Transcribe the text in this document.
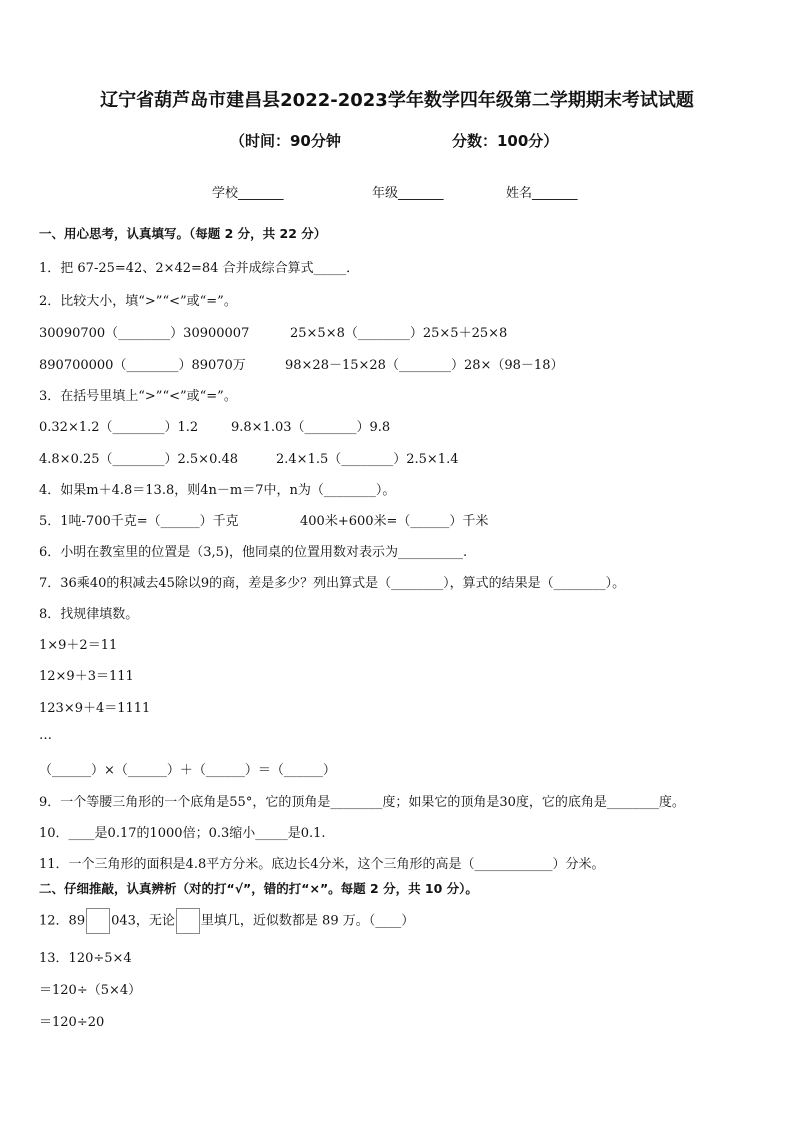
辽宁省葫芦岛市建昌县2022-2023学年数学四年级第二学期期末考试试题
（时间：90分钟	分数：100分）
学校_______	年级_______	姓名_______
一、用心思考，认真填写。（每题 2 分，共 22 分）
1．把 67-25=42、2×42=84 合并成综合算式_____．
2．比较大小，填“>”“<”或“=”。
30090700（________）30900007	25×5×8（________）25×5＋25×8
890700000（________）89070万	98×28－15×28（________）28×（98－18）
3．在括号里填上“>”“<”或“=”。
0.32×1.2（________）1.2	9.8×1.03（________）9.8
4.8×0.25（________）2.5×0.48	2.4×1.5（________）2.5×1.4
4．如果m＋4.8＝13.8，则4n－m＝7中，n为（________）。
5．1吨-700千克=（______）千克	400米+600米=（______）千米
6．小明在教室里的位置是（3,5)，他同桌的位置用数对表示为__________.
7．36乘40的积减去45除以9的商，差是多少？列出算式是（________），算式的结果是（________）。
8．找规律填数。
1×9＋2＝11
12×9＋3＝111
123×9＋4＝1111
…
（______）×（______）＋（______）＝（______）
9．一个等腰三角形的一个底角是55°，它的顶角是________度；如果它的顶角是30度，它的底角是________度。
10．____是0.17的1000倍；0.3缩小_____是0.1.
11．一个三角形的面积是4.8平方分米。底边长4分米，这个三角形的高是（____________）分米。
二、仔细推敲，认真辨析（对的打“√”，错的打“×”。每题 2 分，共 10 分）。
12．89 043，无论 里填几，近似数都是 89 万。（____）
13．120÷5×4
＝120÷（5×4）
＝120÷20
